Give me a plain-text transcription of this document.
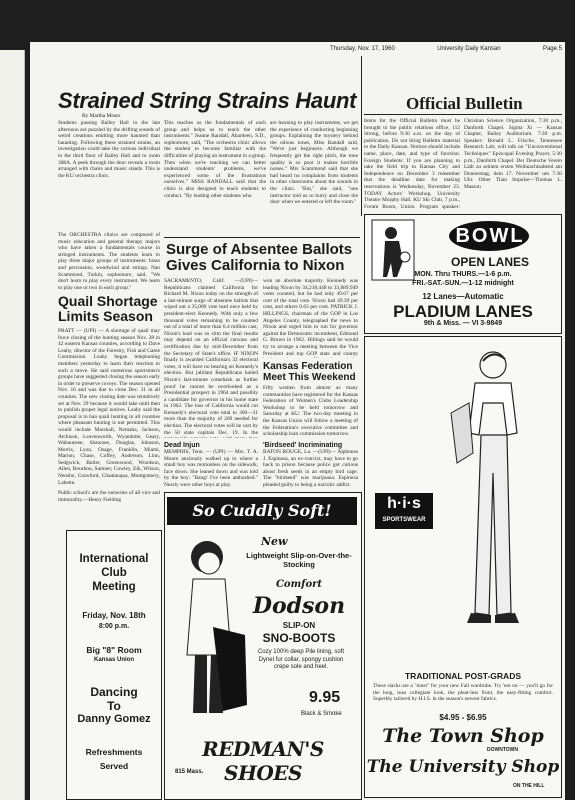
Thursday, Nov. 17, 1960	University Daily Kansan	Page 5
Strained String Strains Haunt
By Martha Moser

Students passing Bailey Hall in the late afternoon are puzzled by the drifting sounds of weird creations emitting more haunted than haunting. Following these strained strains, an investigation could take the curious individual to the third floor of Bailey Hall and to room 308A. A peek through the door reveals a room arranged with chairs and music stands. This is the KU orchestra clinic.

The ORCHESTRA clinics are composed of music education and general therapy majors who have taken a fundamentals course in stringed instruments. The students learn to play three major groups of instruments: brass and percussion, woodwind and strings. Nan Scammond, Turkin, sophomore, said, "We don't learn to play every instrument. We learn to play one or two in each group."

This teaches us the fundamentals of each group and helps us to teach the other instruments." Jeanne Randall, Abardeen, S.D., sophomore, said, "The orchestra clinic allows the student to become familiar with the difficulties of playing an instrument in a group. Then when we're teaching we can better understand students' problems, we've experienced some of the frustrations ourselves." MISS RANDALL said that the clinic is also designed to teach students to conduct. "By leading other students who

are learning to play instruments, we get the experience of conducting beginning groups. Explaining the mystery behind the odious tones, Miss Randall said, "We're just beginners. Although we frequently get the right pitch, the tone quality is so poor it makes horrible noises." Mrs Scammond said that she had heard no complaints from students in other classrooms about the sounds in the clinic. "But," she said, "one instructor told us to hurry and close the door when we entered or left the room."

Quail Shortage Limits Season

PRATT — (UPI) — A shortage of quail may force closing of the hunting season Nov. 28 in 42 eastern Kansas counties, according to Dave Leahy, director of the Forestry, Fish and Game Commission. Leahy began telephoning members yesterday to learn their reaction to such a move. He said numerous sportsmen's groups have suggested closing the season early in order to preserve coveys. The season opened Nov. 16 and was due to close Dec. 31 in all counties. The new closing date was tentatively set at Nov. 29 because it would take until then to publish proper legal notices. Leahy said the proposal is to ban quail hunting in all counties where pheasant hunting is not permitted. This would include Marshall, Nemaha, Jackson, Atchison, Leavenworth, Wyandotte, Geary, Wabaunsee, Shawnee, Douglas, Johnson, Morris, Lyon, Osage, Franklin, Miami, Marion, Chase, Coffey, Anderson, Linn, Sedgwick, Butler, Greenwood, Woodson, Allen, Bourbon, Sumner, Cowley, Elk, Wilson, Neosho, Crawford, Chautauqua, Montgomery, Labette.

Public school's are the nurseries of all vice and immorality.—Henry Fielding

Surge of Absentee Ballots Gives California to Nixon

SACRAMENTO, Calif. —(UPI)— Republicans claimed California for Richard M. Nixon today on the strength of a last-minute surge of absentee ballots that wiped out a 35,000 vote lead once held by president-elect Kennedy. With only a few thousand votes remaining to be counted out of a total of more than 6.4 million cast, Nixon's lead was so slim the final results may depend on an official canvass and certification due by mid-December from the Secretary of State's office. IF NIXON finally is awarded California's 32 electoral votes, it will have no bearing on Kennedy's election. But jubilant Republicans hailed Nixon's last-minute comeback as further proof he cannot be overlooked as a Presidential prospect in 1964 and possibly a candidate for governor in his home state in 1962. The loss of California would cut Kennedy's electoral vote total to 300—31 more than the majority of 269 needed for election. The electoral votes will be cast by the 50 state capitals Dec. 19. In the

won an absolute majority. Kennedy was leading Nixon by 34,218,448 to 33,889,949 votes counted, but he had only 49.67 per cent of the total vote. Nixon had 49.39 per cent, and others 0.63 per cent. PATRICK J. HILLINGS, chairman of the GOP in Los Angeles County, telegraphed the news to Nixon and urged him to run for governor against the Democratic incumbent, Edmund G. Brown in 1962. Hillings said he would try to arrange a meeting between the Vice President and top GOP state and county

Kansas Federation Meet This Weekend

Fifty women from almost as many communities have registered for the Kansas Federation of Women's Clubs Leadership Workshop to be held tomorrow and Saturday at KU. The two-day meeting in the Kansas Union will follow a meeting of the Federation's executive committee and scholarship loan commission tomorrow.

Dead Injun

MEMPHIS, Tenn. — (UPI) — Mrs. T. A. Moore anxiously walked up to where a small boy was motionless on the sidewalk, face down. She leaned down and was told by the boy: "Bang! I've been ambushed." Nearly were other boys at play.

'Birdseed' Incriminating

BATON ROUGE, La. —(UPI)— Alphonse J. Espinosa, an ex-convict, may have to go back to prison because police got curious about fresh seeds in an empty bird cage. The "birdseed" was marijuana. Espinosa pleaded guilty to being a narcotic addict.

Official Bulletin

Items for the Official Bulletin must be brought to the public relations office, 112 Strong, before 9:30 a.m. on the day of publication. Do not bring Bulletin material to the Daily Kansan. Notices should include name, place, date, and type of function. Foreign Students: If you are planning to take the field trip to Kansas City and Independence on December 3 remember that the deadline date for making reservations is Wednesday, November 23. TODAY Actors' Workshop, University Theatre Murphy Hall. KU Ski Club, 7 p.m., Forum Room, Union. Program speaker:

Christian Science Organization, 7:30 p.m., Danforth Chapel. Sigma Xi — Kansas Chapter, Bailey Auditorium. 7:30 p.m. Speaker: Ronald L. Frische, Tennessee Research Lab; will talk on "Unconventional Techniques" Episcopal Evening Prayer, 5:30 p.m., Danforth Chapel. Der Deutsche Verein Lädt zu seinem ersten Weihnachtsabend am Donnerstag, dem 17. November um 7:30 Uhr. Other Than Impulse—Thomas L. Masson

BOWL
OPEN LANES
MON. Thru THURS.—1-6 p.m.
FRI.-SAT.-SUN.—1-12 midnight
12 Lanes—Automatic
PLADIUM LANES
9th & Miss. — VI 3-9849
h·i·s
SPORTSWEAR
TRADITIONAL POST-GRADS

These slacks are a "must" for your new Fall wardrobe. Try 'em on — you'll go for the long, lean collegiate look, the pleat-less front, the easy-fitting comfort. Superbly tailored by H.I.S. in the season's newest fabrics.

$4.95 - $6.95
The Town Shop
DOWNTOWN
The University Shop
ON THE HILL
International
Club
Meeting
Friday, Nov. 18th
8:00 p.m.
Big "8" Room
Kansas Union
Dancing
To
Danny Gomez
Refreshments
Served
So Cuddly Soft!
New
Lightweight Slip-on-Over-the-Stocking
Comfort
Dodson
SLIP-ON
SNO-BOOTS
Cozy 100% deep Pile lining, soft Dynel fur collar, spongy cushion crepe sole and heel.
9.95
Black & Smoke
REDMAN'S SHOES
815 Mass.
